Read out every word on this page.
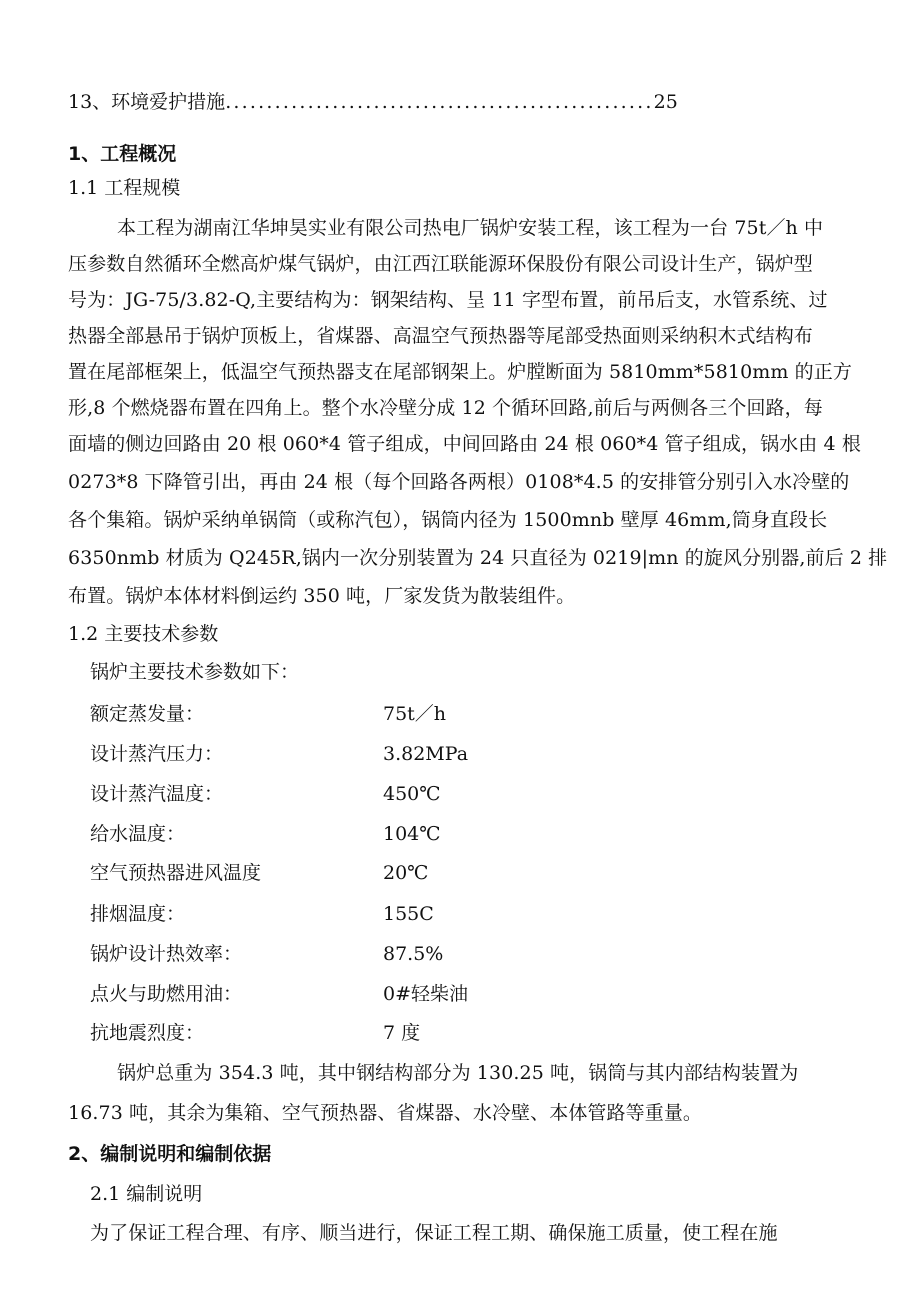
13、环境爱护措施....................................................25
1、工程概况
1.1 工程规模
本工程为湖南江华坤昊实业有限公司热电厂锅炉安装工程，该工程为一台 75t／h 中
压参数自然循环全燃高炉煤气锅炉，由江西江联能源环保股份有限公司设计生产，锅炉型
号为：JG-75/3.82-Q,主要结构为：钢架结构、呈 11 字型布置，前吊后支，水管系统、过
热器全部悬吊于锅炉顶板上，省煤器、高温空气预热器等尾部受热面则采纳积木式结构布
置在尾部框架上，低温空气预热器支在尾部钢架上。炉膛断面为 5810mm*5810mm 的正方
形,8 个燃烧器布置在四角上。整个水冷壁分成 12 个循环回路,前后与两侧各三个回路，每
面墙的侧边回路由 20 根 060*4 管子组成，中间回路由 24 根 060*4 管子组成，锅水由 4 根
0273*8 下降管引出，再由 24 根（每个回路各两根）0108*4.5 的安排管分别引入水冷壁的
各个集箱。锅炉采纳单锅筒（或称汽包），锅筒内径为 1500mnb 壁厚 46mm,筒身直段长
6350nmb 材质为 Q245R,锅内一次分别装置为 24 只直径为 0219|mn 的旋风分别器,前后 2 排
布置。锅炉本体材料倒运约 350 吨，厂家发货为散装组件。
1.2 主要技术参数
锅炉主要技术参数如下：
额定蒸发量：	75t／h
设计蒸汽压力：	3.82MPa
设计蒸汽温度：	450℃
给水温度：	104℃
空气预热器进风温度	20℃
排烟温度：	155C
锅炉设计热效率：	87.5%
点火与助燃用油：	0#轻柴油
抗地震烈度：	7 度
锅炉总重为 354.3 吨，其中钢结构部分为 130.25 吨，锅筒与其内部结构装置为
16.73 吨，其余为集箱、空气预热器、省煤器、水冷壁、本体管路等重量。
2、编制说明和编制依据
2.1 编制说明
为了保证工程合理、有序、顺当进行，保证工程工期、确保施工质量，使工程在施
